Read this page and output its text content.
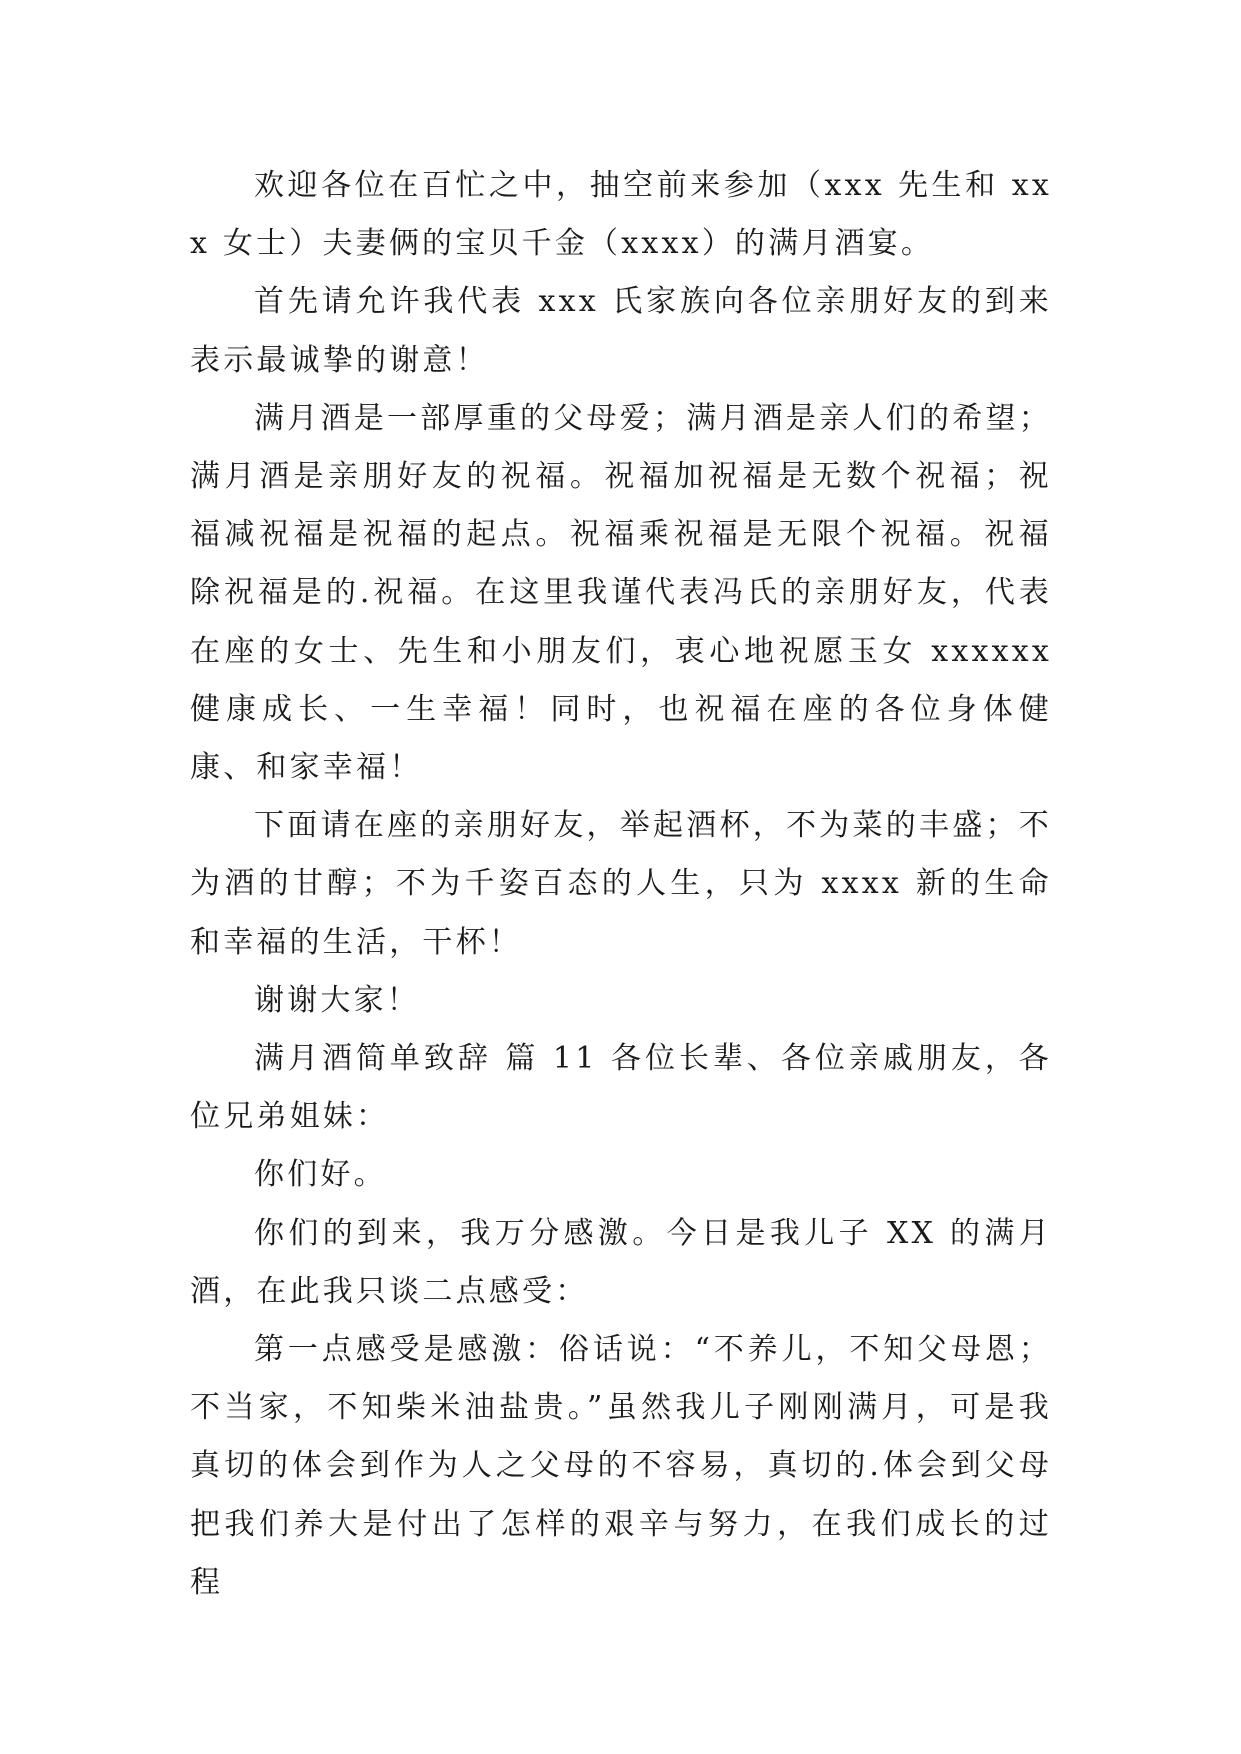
欢迎各位在百忙之中，抽空前来参加（xxx 先生和 xxx 女士）夫妻俩的宝贝千金（xxxx）的满月酒宴。

首先请允许我代表 xxx 氏家族向各位亲朋好友的到来表示最诚挚的谢意！

满月酒是一部厚重的父母爱；满月酒是亲人们的希望；满月酒是亲朋好友的祝福。祝福加祝福是无数个祝福；祝福减祝福是祝福的起点。祝福乘祝福是无限个祝福。祝福除祝福是的.祝福。在这里我谨代表冯氏的亲朋好友，代表在座的女士、先生和小朋友们，衷心地祝愿玉女 xxxxxx 健康成长、一生幸福！同时，也祝福在座的各位身体健康、和家幸福！

下面请在座的亲朋好友，举起酒杯，不为菜的丰盛；不为酒的甘醇；不为千姿百态的人生，只为 xxxx 新的生命和幸福的生活，干杯！

谢谢大家！

满月酒简单致辞 篇 11 各位长辈、各位亲戚朋友，各位兄弟姐妹：

你们好。

你们的到来，我万分感激。今日是我儿子 XX 的满月酒，在此我只谈二点感受：

第一点感受是感激：俗话说：“不养儿，不知父母恩；不当家，不知柴米油盐贵。”虽然我儿子刚刚满月，可是我真切的体会到作为人之父母的不容易，真切的.体会到父母把我们养大是付出了怎样的艰辛与努力，在我们成长的过程
